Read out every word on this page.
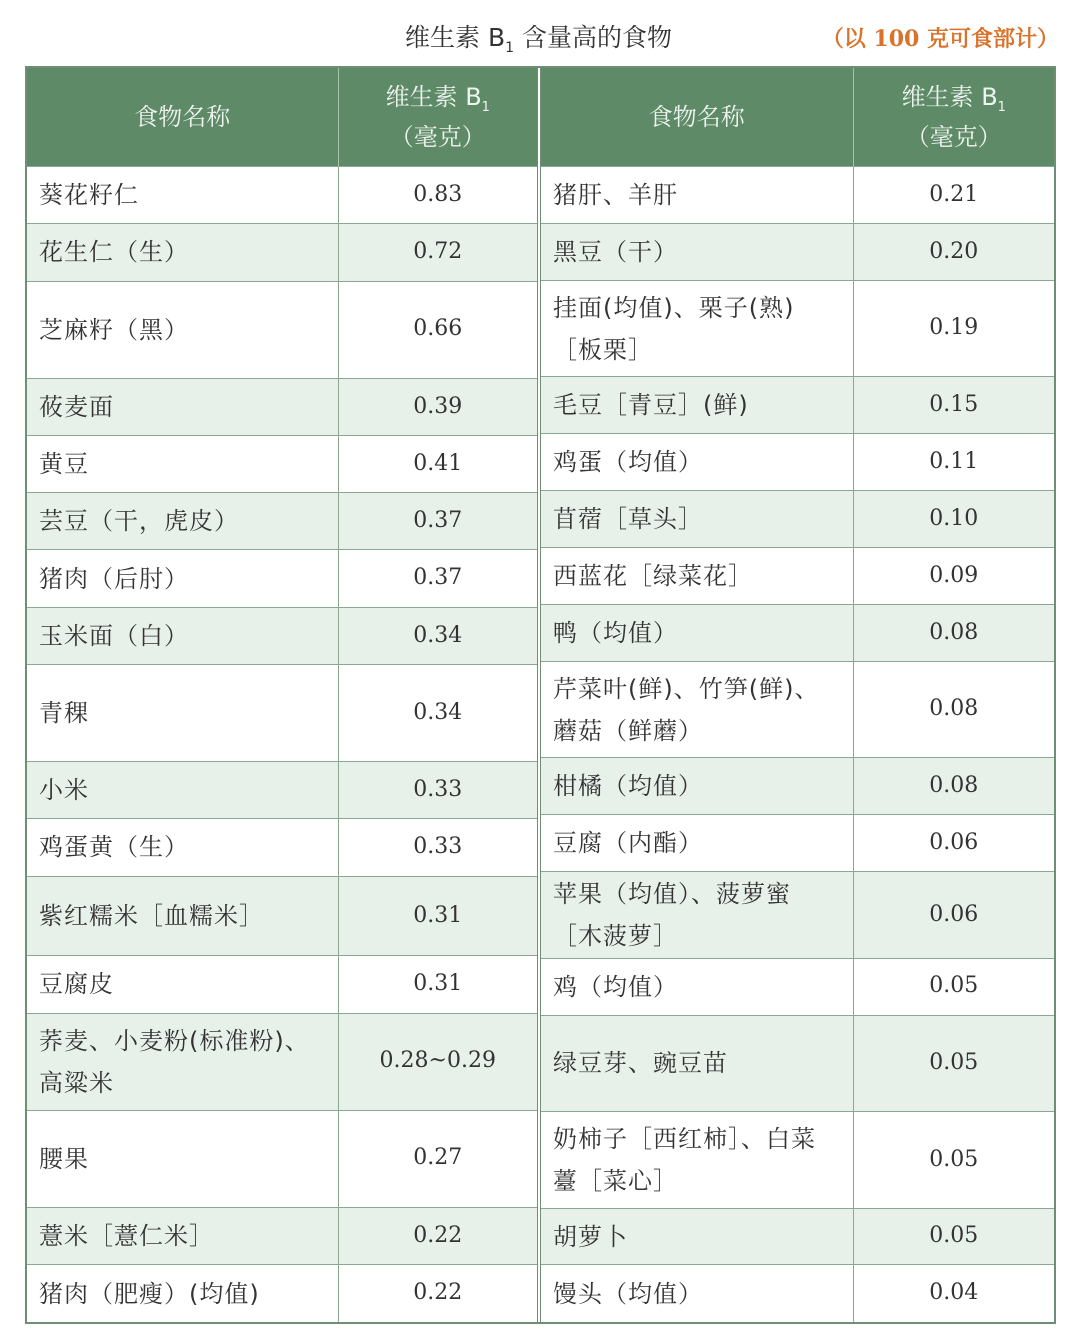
维生素 $B_1$ 含量高的食物	（以 100 克可食部计）
食物名称	维生素 $B_1$
（毫克）
葵花籽仁	0.83
花生仁（生）	0.72
芝麻籽（黑）	0.66
莜麦面	0.39
黄豆	0.41
芸豆（干，虎皮）	0.37
猪肉（后肘）	0.37
玉米面（白）	0.34
青稞	0.34
小米	0.33
鸡蛋黄（生）	0.33
紫红糯米［血糯米］	0.31
豆腐皮	0.31
荞麦、小麦粉(标准粉)、高粱米	0.28~0.29
腰果	0.27
薏米［薏仁米］	0.22
猪肉（肥瘦）(均值)	0.22
食物名称	维生素 $B_1$
（毫克）
猪肝、羊肝	0.21
黑豆（干）	0.20
挂面(均值)、栗子(熟)［板栗］	0.19
毛豆［青豆］(鲜)	0.15
鸡蛋（均值）	0.11
苜蓿［草头］	0.10
西蓝花［绿菜花］	0.09
鸭（均值）	0.08
芹菜叶(鲜)、竹笋(鲜)、蘑菇（鲜蘑）	0.08
柑橘（均值）	0.08
豆腐（内酯）	0.06
苹果（均值）、菠萝蜜［木菠萝］	0.06
鸡（均值）	0.05
绿豆芽、豌豆苗	0.05
奶柿子［西红柿］、白菜薹［菜心］	0.05
胡萝卜	0.05
馒头（均值）	0.04
